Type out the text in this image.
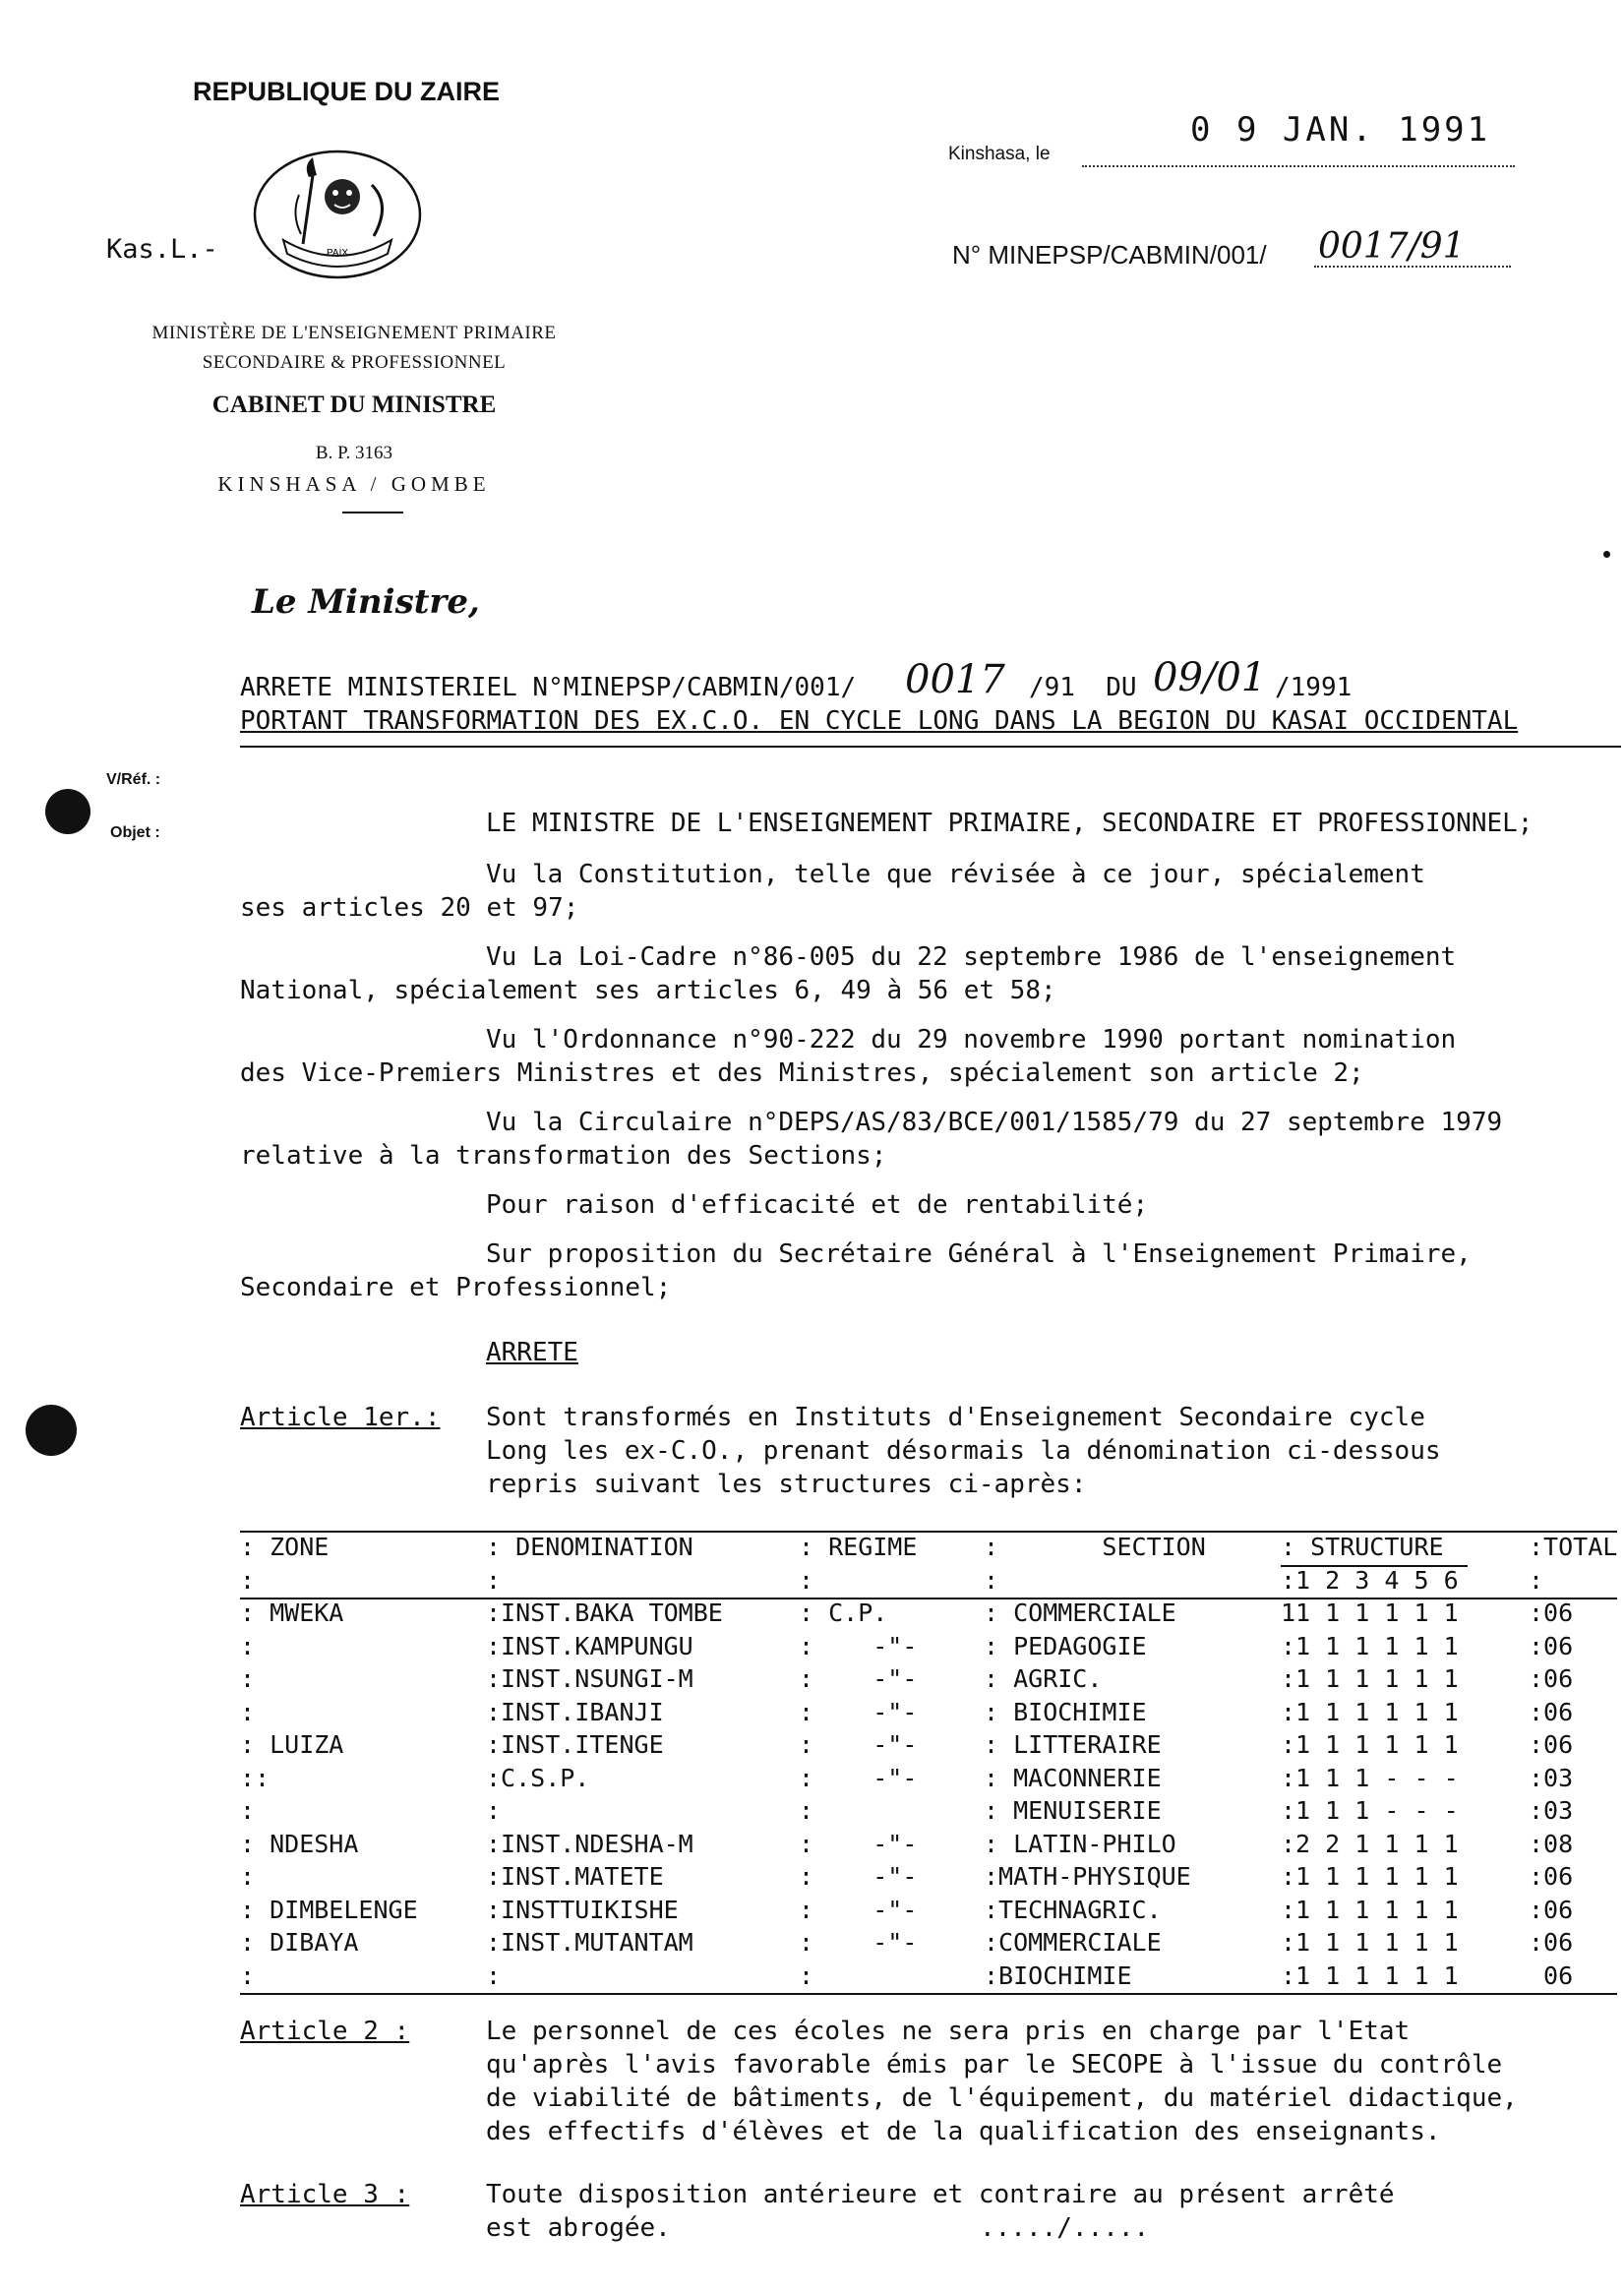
REPUBLIQUE DU ZAIRE
Kas.L.-	PAIX
MINISTÈRE DE L'ENSEIGNEMENT PRIMAIRE
SECONDAIRE & PROFESSIONNEL
CABINET DU MINISTRE
B. P. 3163
KINSHASA / GOMBE
Kinshasa, le
0 9 JAN. 1991
N° MINEPSP/CABMIN/001/ 0017/91
Le Ministre,
ARRETE MINISTERIEL N°MINEPSP/CABMIN/001/ 0017 /91  DU 09/01 /1991
PORTANT TRANSFORMATION DES EX.C.O. EN CYCLE LONG DANS LA BEGION DU KASAI OCCIDENTAL
V/Réf. :
Objet :	LE MINISTRE DE L'ENSEIGNEMENT PRIMAIRE, SECONDAIRE ET PROFESSIONNEL;
Vu la Constitution, telle que révisée à ce jour, spécialement
ses articles 20 et 97;
Vu La Loi-Cadre n°86-005 du 22 septembre 1986 de l'enseignement
National, spécialement ses articles 6, 49 à 56 et 58;
Vu l'Ordonnance n°90-222 du 29 novembre 1990 portant nomination
des Vice-Premiers Ministres et des Ministres, spécialement son article 2;
Vu la Circulaire n°DEPS/AS/83/BCE/001/1585/79 du 27 septembre 1979
relative à la transformation des Sections;
Pour raison d'efficacité et de rentabilité;
Sur proposition du Secrétaire Général à l'Enseignement Primaire,
Secondaire et Professionnel;
ARRETE
Article 1er.: Sont transformés en Instituts d'Enseignement Secondaire cycle
Long les ex-C.O., prenant désormais la dénomination ci-dessous
repris suivant les structures ci-après:
: ZONE	: DENOMINATION	: REGIME	:       SECTION	: STRUCTURE	:TOTAL
:	:	:	:	:1 2 3 4 5 6	:
: MWEKA	:INST.BAKA TOMBE	: C.P.	: COMMERCIALE	11 1 1 1 1 1	:06
:	:INST.KAMPUNGU	:    -"-	: PEDAGOGIE	:1 1 1 1 1 1	:06
:	:INST.NSUNGI-M	:    -"-	: AGRIC.	:1 1 1 1 1 1	:06
:	:INST.IBANJI	:    -"-	: BIOCHIMIE	:1 1 1 1 1 1	:06
: LUIZA	:INST.ITENGE	:    -"-	: LITTERAIRE	:1 1 1 1 1 1	:06
::	:C.S.P.	:    -"-	: MACONNERIE	:1 1 1 - - -	:03
:	:	:	: MENUISERIE	:1 1 1 - - -	:03
: NDESHA	:INST.NDESHA-M	:    -"-	: LATIN-PHILO	:2 2 1 1 1 1	:08
:	:INST.MATETE	:    -"-	:MATH-PHYSIQUE	:1 1 1 1 1 1	:06
: DIMBELENGE	:INSTTUIKISHE	:    -"-	:TECHNAGRIC.	:1 1 1 1 1 1	:06
: DIBAYA	:INST.MUTANTAM	:    -"-	:COMMERCIALE	:1 1 1 1 1 1	:06
:	:	:	:BIOCHIMIE	:1 1 1 1 1 1	06
Article 2 :	Le personnel de ces écoles ne sera pris en charge par l'Etat
qu'après l'avis favorable émis par le SECOPE à l'issue du contrôle
de viabilité de bâtiments, de l'équipement, du matériel didactique,
des effectifs d'élèves et de la qualification des enseignants.
Article 3 :	Toute disposition antérieure et contraire au présent arrêté
est abrogée.	...../.....
